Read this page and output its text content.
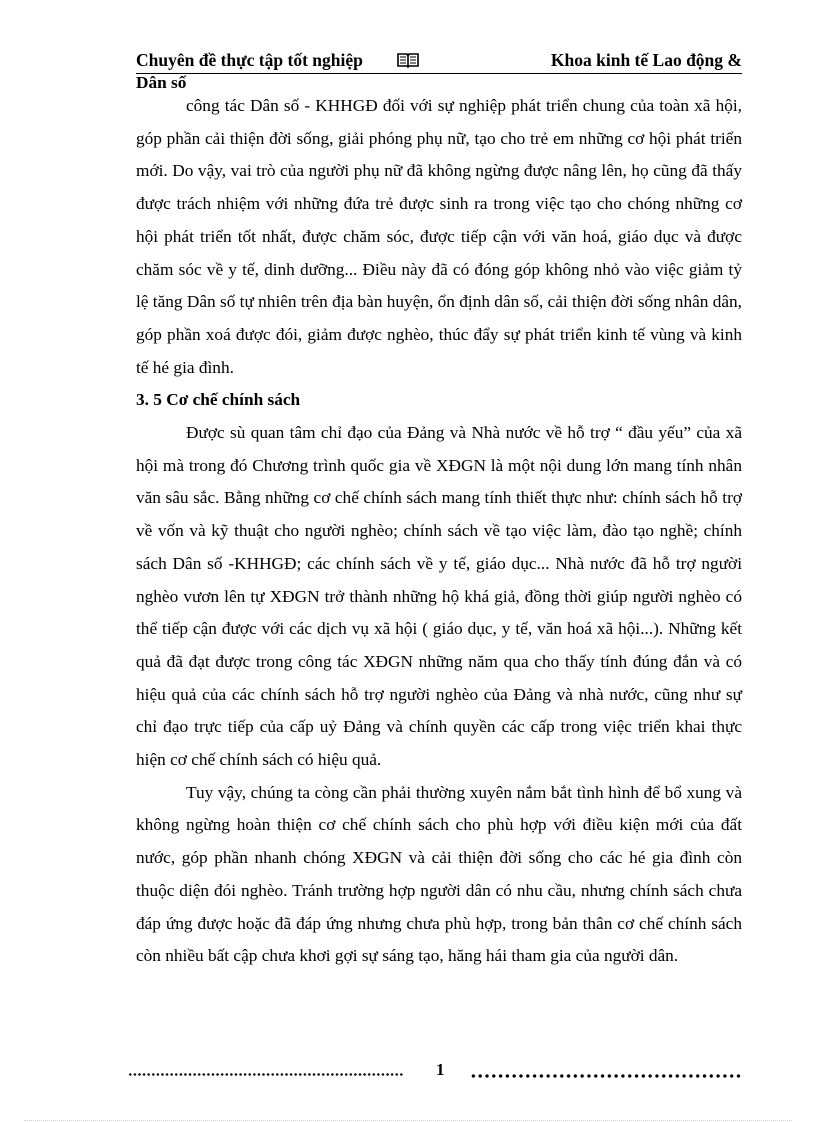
Chuyên đề thực tập tốt nghiệp	Khoa kinh tế Lao động &

Dân số

công tác Dân số - KHHGĐ đối với sự nghiệp phát triển chung của toàn xã hội, góp phần cải thiện đời sống, giải phóng phụ nữ, tạo cho trẻ em những cơ hội phát triển mới. Do vậy, vai trò của người phụ nữ đã không ngừng được nâng lên, họ cũng đã thấy được trách nhiệm với những đứa trẻ được sinh ra trong việc tạo cho chóng những cơ hội phát triển tốt nhất, được chăm sóc, được tiếp cận với văn hoá, giáo dục và được chăm sóc về y tế, dinh dưỡng... Điều này đã có đóng góp không nhỏ vào việc giảm tỷ lệ tăng Dân số tự nhiên trên địa bàn huyện, ổn định dân số, cải thiện đời sống nhân dân, góp phần xoá được đói, giảm được nghèo, thúc đẩy sự phát triển kinh tế vùng và kinh tế hé gia đình.

3. 5 Cơ chế chính sách

Được sù quan tâm chỉ đạo của Đảng và Nhà nước về hỗ trợ “ đầu yếu” của xã hội mà trong đó Chương trình quốc gia về XĐGN là một nội dung lớn mang tính nhân văn sâu sắc. Bằng những cơ chế chính sách mang tính thiết thực như: chính sách hỗ trợ về vốn và kỹ thuật cho người nghèo; chính sách về tạo việc làm, đào tạo nghề; chính sách Dân số -KHHGĐ; các chính sách về y tế, giáo dục... Nhà nước đã hỗ trợ người nghèo vươn lên tự XĐGN trở thành những hộ khá giả, đồng thời giúp người nghèo có thể tiếp cận được với các dịch vụ xã hội ( giáo dục, y tế, văn hoá xã hội...). Những kết quả đã đạt được trong công tác XĐGN những năm qua cho thấy tính đúng đắn và có hiệu quả của các chính sách hỗ trợ người nghèo của Đảng và nhà nước, cũng như sự chỉ đạo trực tiếp của cấp uỷ Đảng và chính quyền các cấp trong việc triển khai thực hiện cơ chế chính sách có hiệu quả.

Tuy vậy, chúng ta còng cần phải thường xuyên nắm bắt tình hình để bổ xung và không ngừng hoàn thiện cơ chế chính sách cho phù hợp với điều kiện mới của đất nước, góp phần nhanh chóng XĐGN và cải thiện đời sống cho các hé gia đình còn thuộc diện đói nghèo. Tránh trường hợp người dân có nhu cầu, nhưng chính sách chưa đáp ứng được hoặc đã đáp ứng nhưng chưa phù hợp, trong bản thân cơ chế chính sách còn nhiều bất cập chưa khơi gợi sự sáng tạo, hăng hái tham gia của người dân.

1
